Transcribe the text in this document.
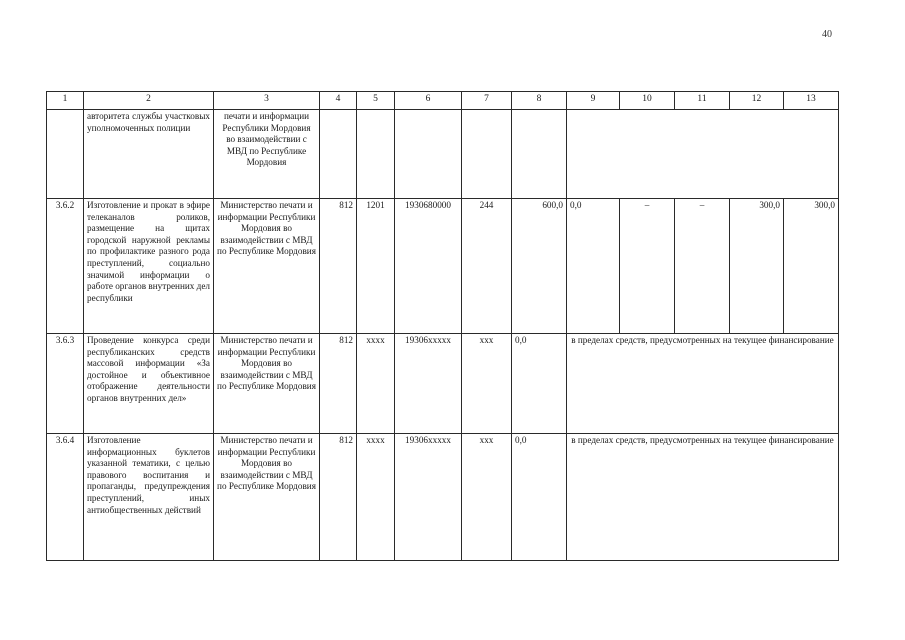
40
1	2	3	4	5	6	7	8	9	10	11	12	13
	авторитета службы участковых уполномоченных полиции	печати и информации Республики Мордовия во взаимодействии с МВД по Республике Мордовия										
3.6.2	Изготовление и прокат в эфире телеканалов роликов, размещение на щитах городской наружной рекламы по профилактике разного рода преступлений, социально значимой информации о работе органов внутренних дел республики	Министерство печати и информации Республики Мордовия во взаимодействии с МВД по Республике Мордовия	812	1201	1930680000	244	600,0	0,0	–	–	300,0	300,0
3.6.3	Проведение конкурса среди республиканских средств массовой информации «За достойное и объективное отображение деятельности органов внутренних дел»	Министерство печати и информации Республики Мордовия во взаимодействии с МВД по Республике Мордовия	812	хххх	19306ххххх	ххх	0,0	в пределах средств, предусмотренных на текущее финансирование				
3.6.4	Изготовление информационных буклетов указанной тематики, с целью правового воспитания и пропаганды, предупреждения преступлений, иных антиобщественных действий	Министерство печати и информации Республики Мордовия во взаимодействии с МВД по Республике Мордовия	812	хххх	19306ххххх	ххх	0,0	в пределах средств, предусмотренных на текущее финансирование				
